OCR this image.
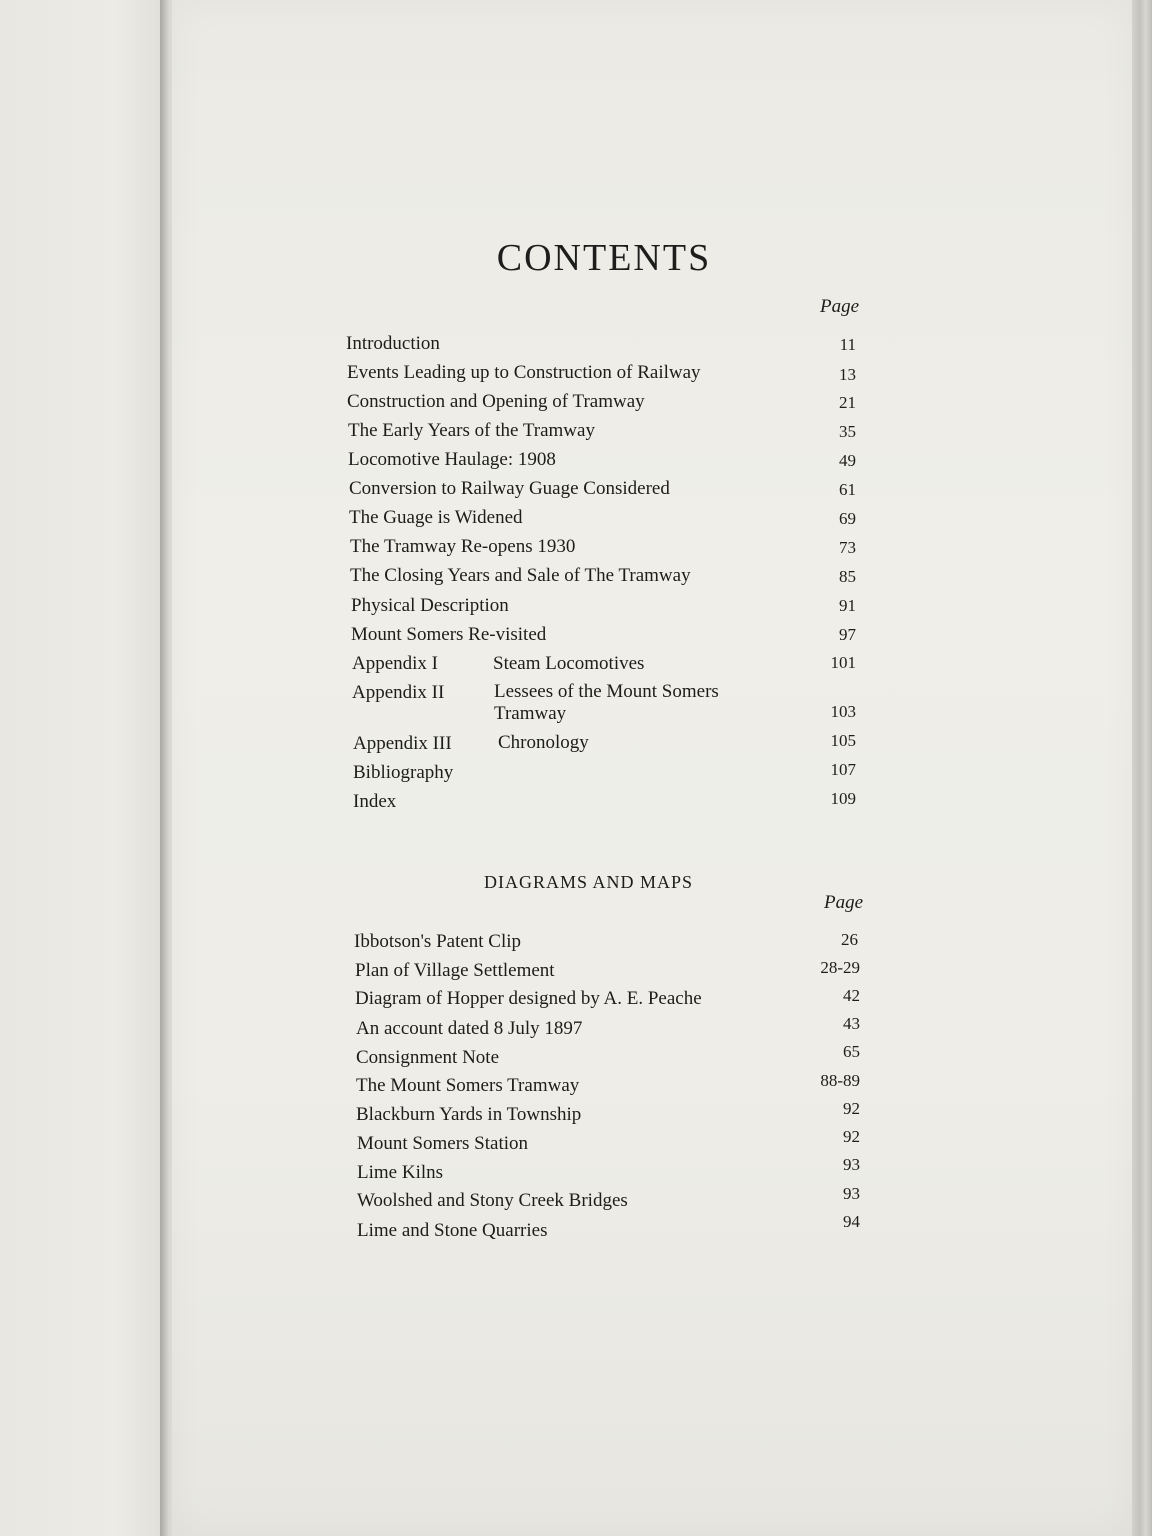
CONTENTS
Page
Introduction	11
Events Leading up to Construction of Railway	13
Construction and Opening of Tramway	21
The Early Years of the Tramway	35
Locomotive Haulage: 1908	49
Conversion to Railway Guage Considered	61
The Guage is Widened	69
The Tramway Re-opens 1930	73
The Closing Years and Sale of The Tramway	85
Physical Description	91
Mount Somers Re-visited	97
Appendix I	Steam Locomotives	101
Appendix II	Lessees of the Mount Somers
Tramway	103
Appendix III Chronology	105
Bibliography	107
Index	109
DIAGRAMS AND MAPS
Page
Ibbotson's Patent Clip	26
Plan of Village Settlement	28-29
Diagram of Hopper designed by A. E. Peache	42
An account dated 8 July 1897	43
Consignment Note	65
The Mount Somers Tramway	88-89
Blackburn Yards in Township	92
Mount Somers Station	92
Lime Kilns	93
Woolshed and Stony Creek Bridges	93
Lime and Stone Quarries	94
